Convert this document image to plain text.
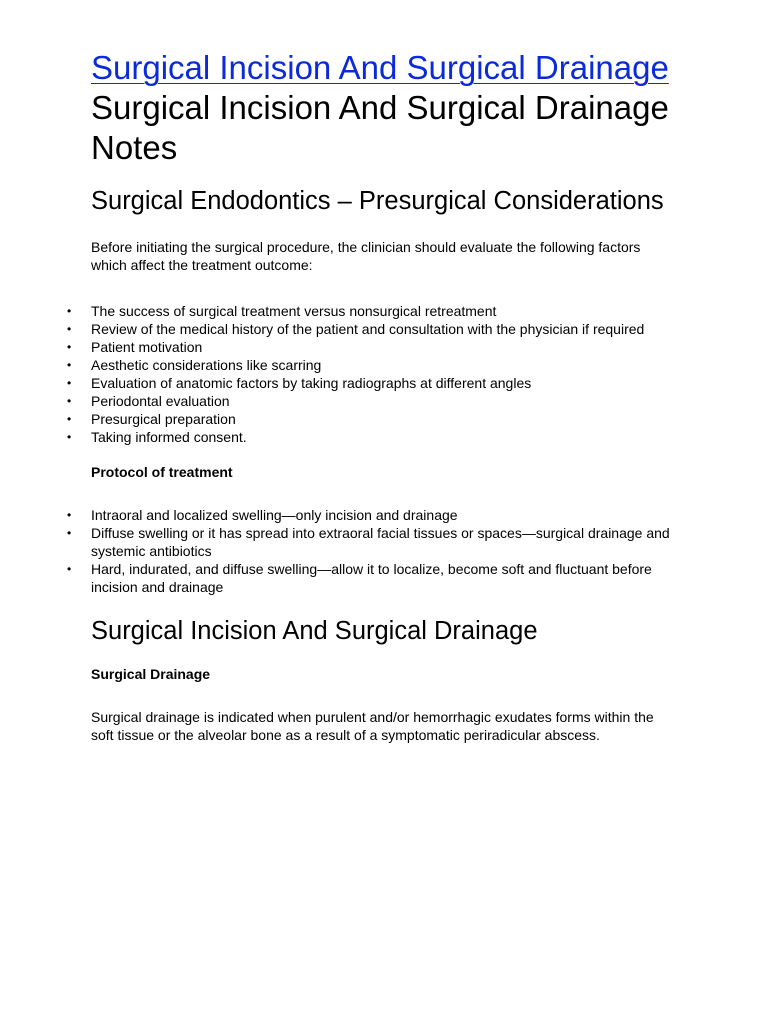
Surgical Incision And Surgical Drainage
Surgical Incision And Surgical Drainage Notes
Surgical Endodontics – Presurgical Considerations

Before initiating the surgical procedure, the clinician should evaluate the following factors which affect the treatment outcome:

• The success of surgical treatment versus nonsurgical retreatment
• Review of the medical history of the patient and consultation with the physician if required
• Patient motivation
• Aesthetic considerations like scarring
• Evaluation of anatomic factors by taking radiographs at different angles
• Periodontal evaluation
• Presurgical preparation
• Taking informed consent.

Protocol of treatment

• Intraoral and localized swelling—only incision and drainage
• Diffuse swelling or it has spread into extraoral facial tissues or spaces—surgical drainage and systemic antibiotics
• Hard, indurated, and diffuse swelling—allow it to localize, become soft and fluctuant before incision and drainage
Surgical Incision And Surgical Drainage

Surgical Drainage

Surgical drainage is indicated when purulent and/or hemorrhagic exudates forms within the soft tissue or the alveolar bone as a result of a symptomatic periradicular abscess.
